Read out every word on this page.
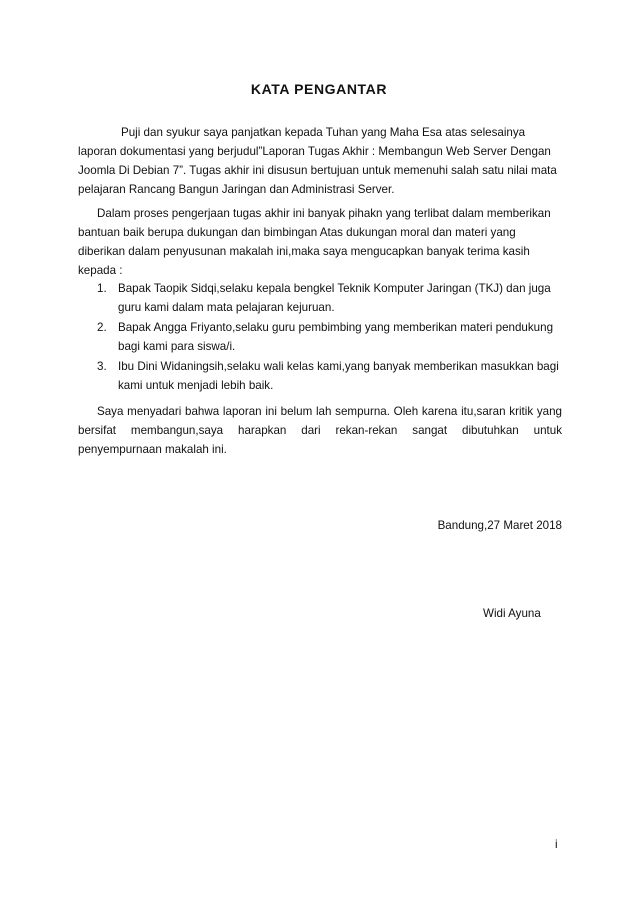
KATA PENGANTAR

Puji dan syukur saya panjatkan kepada Tuhan yang Maha Esa atas selesainya laporan dokumentasi yang berjudul”Laporan Tugas Akhir : Membangun Web Server Dengan Joomla Di Debian 7”. Tugas akhir ini disusun bertujuan untuk memenuhi salah satu nilai mata pelajaran Rancang Bangun Jaringan dan Administrasi Server.

Dalam proses pengerjaan tugas akhir ini banyak pihakn yang terlibat dalam memberikan bantuan baik berupa dukungan dan bimbingan Atas dukungan moral dan materi yang diberikan dalam penyusunan makalah ini,maka saya mengucapkan banyak terima kasih kepada :

1. Bapak Taopik Sidqi,selaku kepala bengkel Teknik Komputer Jaringan (TKJ) dan juga guru kami dalam mata pelajaran kejuruan.
2. Bapak Angga Friyanto,selaku guru pembimbing yang memberikan materi pendukung bagi kami para siswa/i.
3. Ibu Dini Widaningsih,selaku wali kelas kami,yang banyak memberikan masukkan bagi kami untuk menjadi lebih baik.

Saya menyadari bahwa laporan ini belum lah sempurna. Oleh karena itu,saran kritik yang bersifat membangun,saya harapkan dari rekan-rekan sangat dibutuhkan untuk penyempurnaan makalah ini.

Bandung,27 Maret 2018
Widi Ayuna
i
